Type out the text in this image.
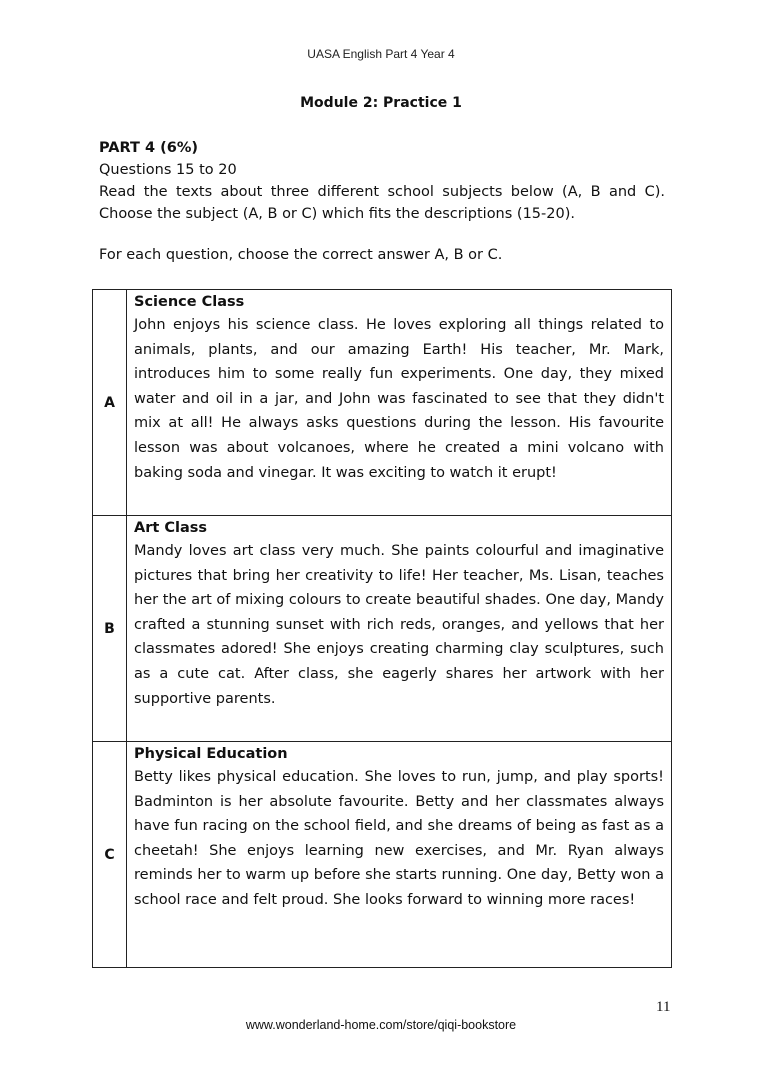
UASA English Part 4 Year 4
Module 2: Practice 1
PART 4 (6%)
Questions 15 to 20
Read the texts about three different school subjects below (A, B and C). Choose the subject (A, B or C) which fits the descriptions (15-20).
For each question, choose the correct answer A, B or C.
A	Science Class
John enjoys his science class. He loves exploring all things related to animals, plants, and our amazing Earth! His teacher, Mr. Mark, introduces him to some really fun experiments. One day, they mixed water and oil in a jar, and John was fascinated to see that they didn't mix at all! He always asks questions during the lesson. His favourite lesson was about volcanoes, where he created a mini volcano with baking soda and vinegar. It was exciting to watch it erupt!

B	Art Class
Mandy loves art class very much. She paints colourful and imaginative pictures that bring her creativity to life! Her teacher, Ms. Lisan, teaches her the art of mixing colours to create beautiful shades. One day, Mandy crafted a stunning sunset with rich reds, oranges, and yellows that her classmates adored! She enjoys creating charming clay sculptures, such as a cute cat. After class, she eagerly shares her artwork with her supportive parents.

C	Physical Education
Betty likes physical education. She loves to run, jump, and play sports! Badminton is her absolute favourite. Betty and her classmates always have fun racing on the school field, and she dreams of being as fast as a cheetah! She enjoys learning new exercises, and Mr. Ryan always reminds her to warm up before she starts running. One day, Betty won a school race and felt proud. She looks forward to winning more races!
11
www.wonderland-home.com/store/qiqi-bookstore
